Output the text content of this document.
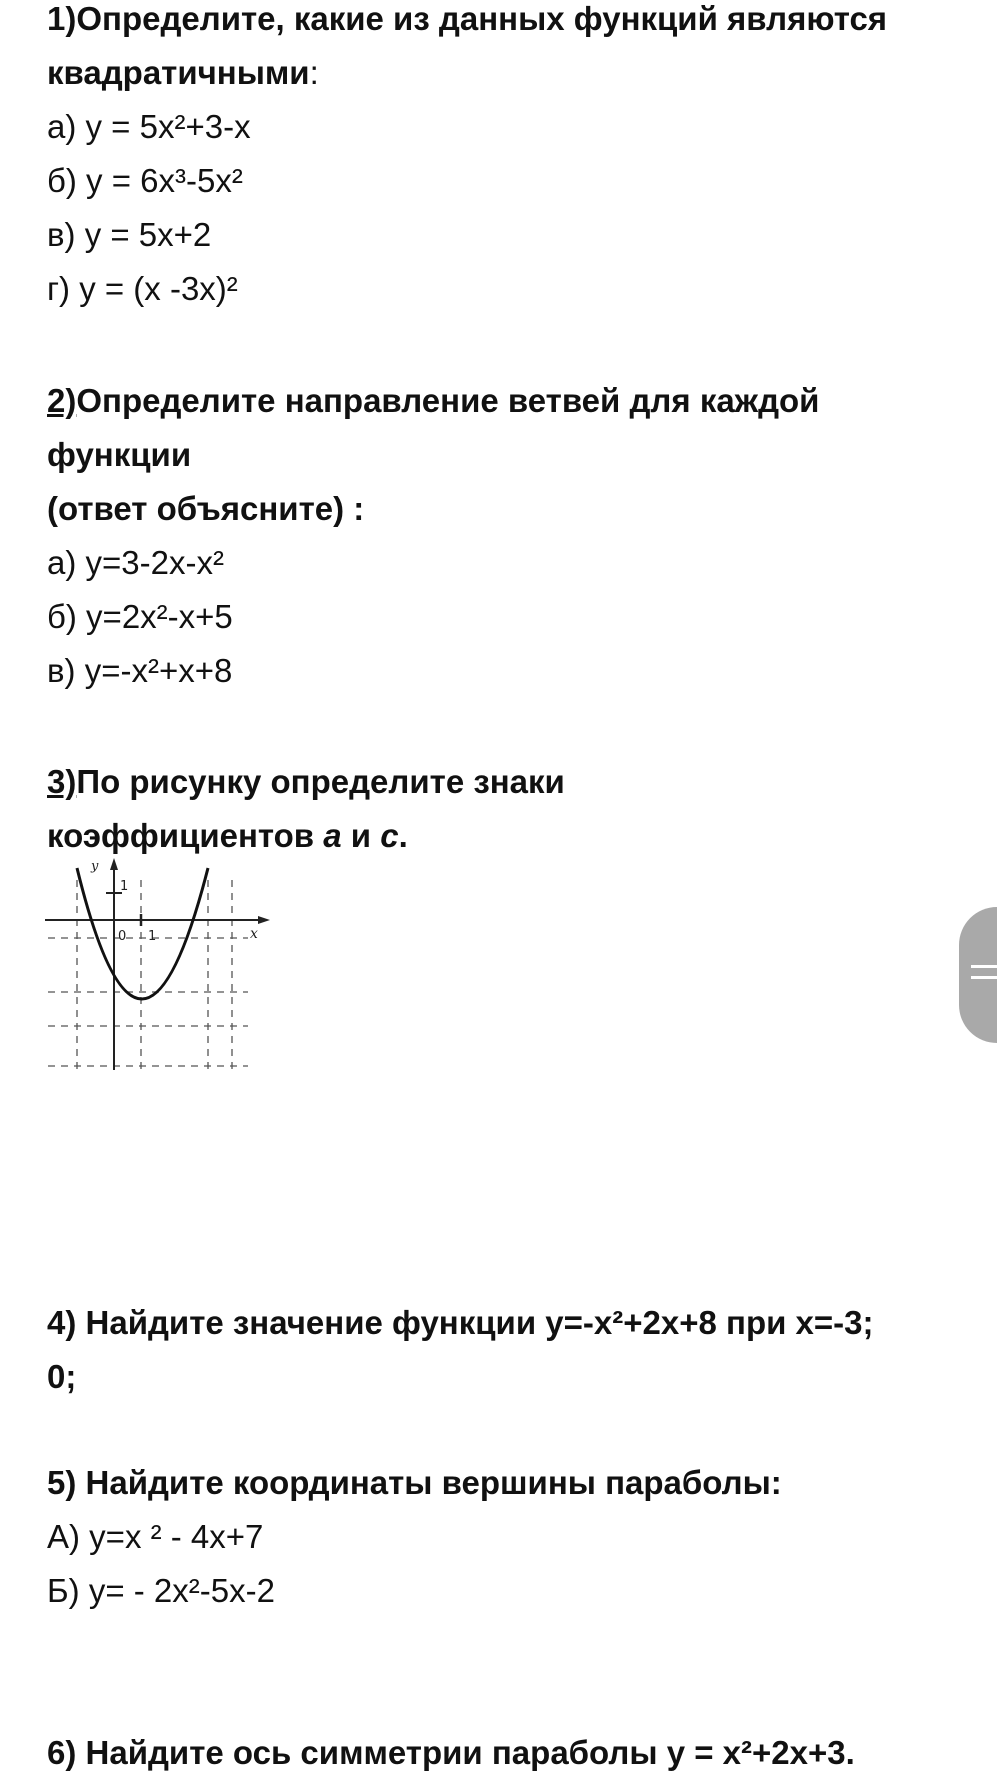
1)Определите, какие из данных функций являются
квадратичными:
а) y = 5x²+3-x
б) y = 6x³-5x²
в) y = 5x+2
г) y = (x -3x)²
2)Определите направление ветвей для каждой
функции
(ответ объясните) :
а) y=3-2x-x²
б) y=2x²-x+5
в) y=-x²+x+8
3)По рисунку определите знаки
коэффициентов a и c.
y
x
1
0 1
4) Найдите значение функции y=-x²+2x+8 при x=-3;
0;
5) Найдите координаты вершины параболы:
А) y=x ² - 4x+7
Б) y= - 2x²-5x-2
6) Найдите ось симметрии параболы y = x²+2x+3.
